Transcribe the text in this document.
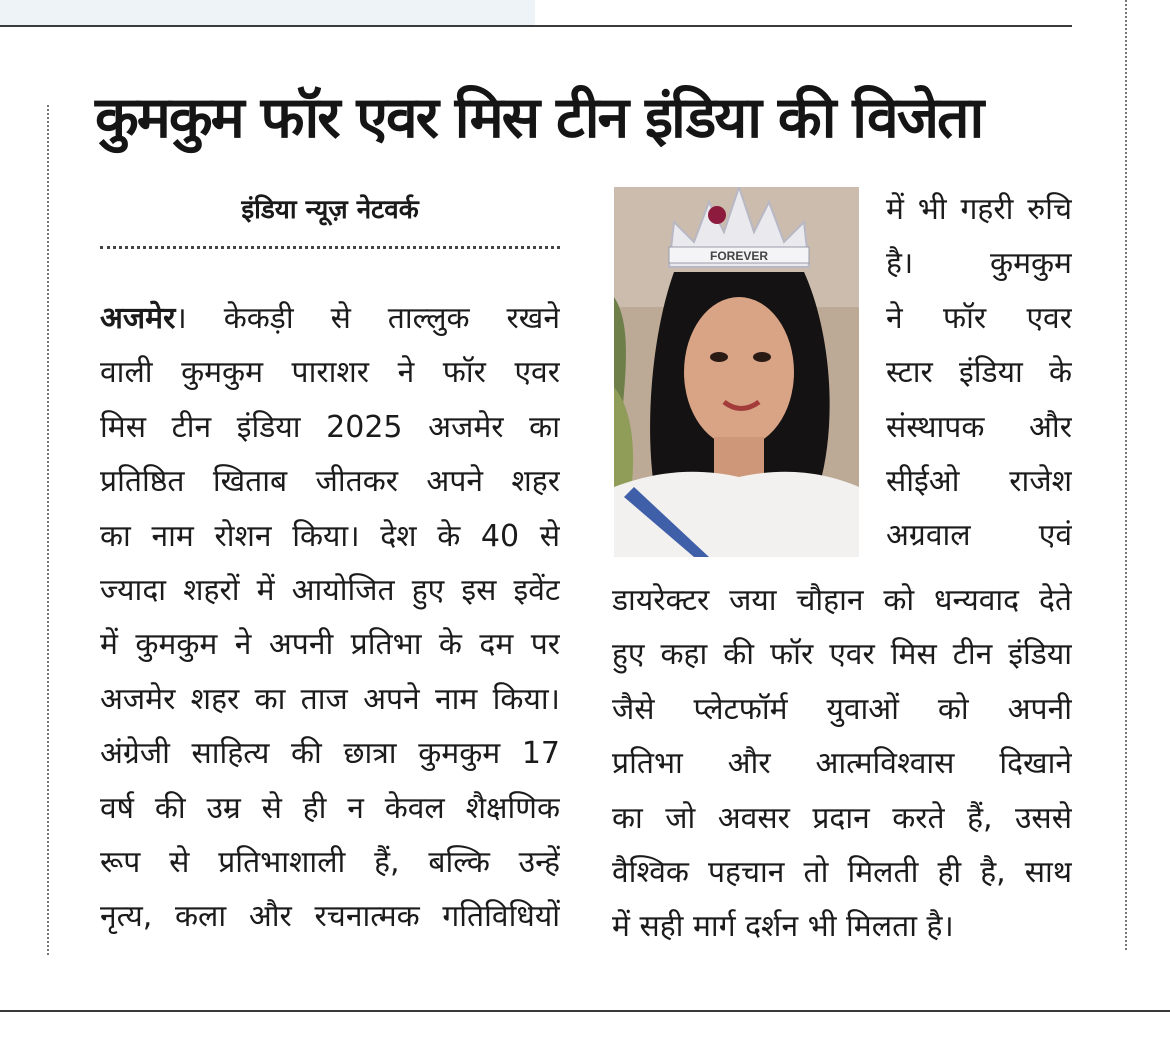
कुमकुम फॉर एवर मिस टीन इंडिया की विजेता
इंडिया न्यूज़ नेटवर्क
अजमेर। केकड़ी से ताल्लुक रखने
वाली कुमकुम पाराशर ने फॉर एवर
मिस टीन इंडिया 2025 अजमेर का
प्रतिष्ठित खिताब जीतकर अपने शहर
का नाम रोशन किया। देश के 40 से
ज्यादा शहरों में आयोजित हुए इस इवेंट
में कुमकुम ने अपनी प्रतिभा के दम पर
अजमेर शहर का ताज अपने नाम किया।
अंग्रेजी साहित्य की छात्रा कुमकुम 17
वर्ष की उम्र से ही न केवल शैक्षणिक
रूप से प्रतिभाशाली हैं, बल्कि उन्हें
नृत्य, कला और रचनात्मक गतिविधियों
FOREVER
में भी गहरी रुचि
है। कुमकुम
ने फॉर एवर
स्टार इंडिया के
संस्थापक और
सीईओ राजेश
अग्रवाल एवं
डायरेक्टर जया चौहान को धन्यवाद देते
हुए कहा की फॉर एवर मिस टीन इंडिया
जैसे प्लेटफॉर्म युवाओं को अपनी
प्रतिभा और आत्मविश्वास दिखाने
का जो अवसर प्रदान करते हैं, उससे
वैश्विक पहचान तो मिलती ही है, साथ
में सही मार्ग दर्शन भी मिलता है।
